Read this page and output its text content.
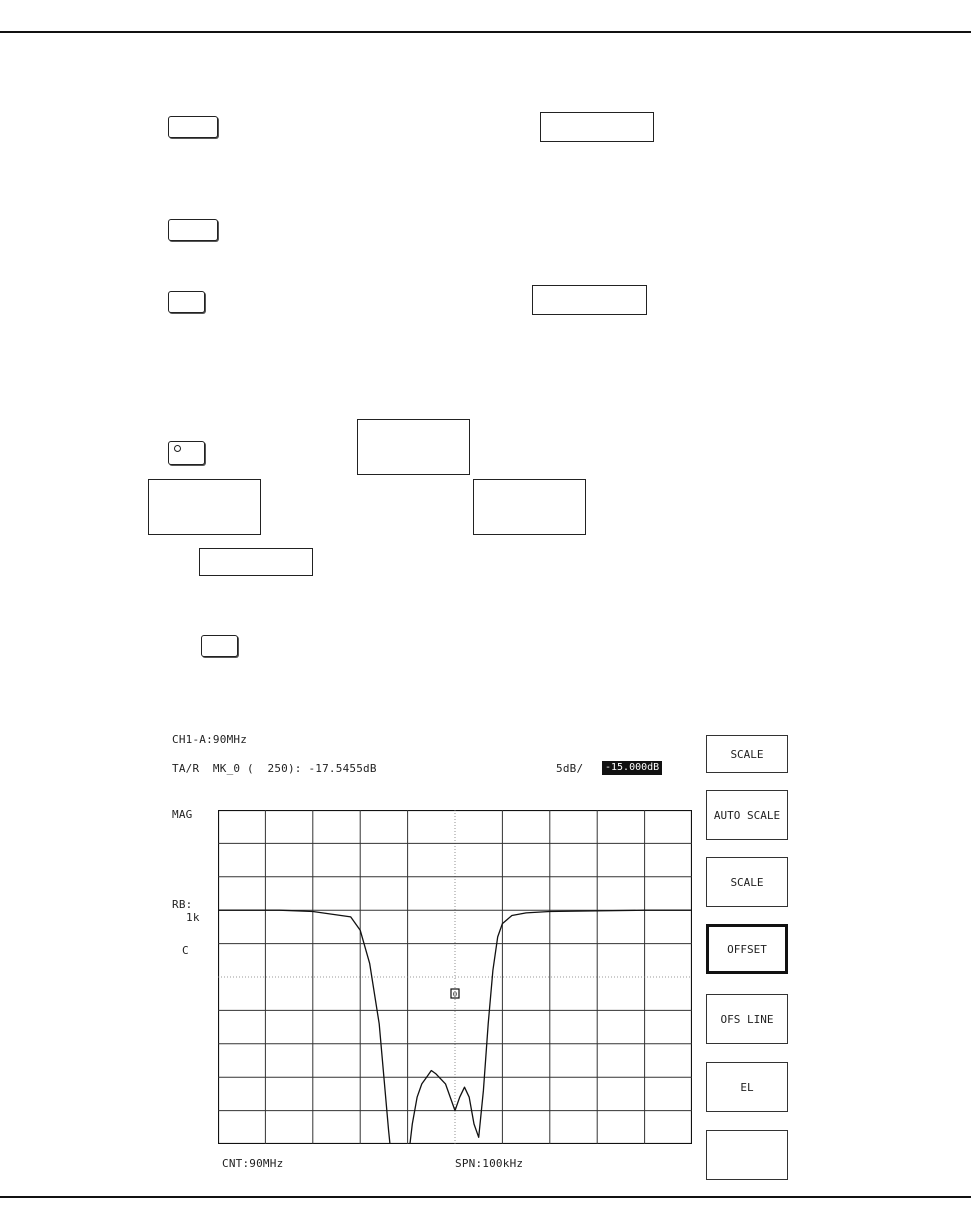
CH1-A:90MHz
TA/R  MK_0 (  250): -17.5455dB	5dB/	-15.000dB
MAG
RB:
1k
C
CNT:90MHz	SPN:100kHz
0
SCALE
AUTO SCALE
SCALE
OFFSET
OFS LINE
EL
